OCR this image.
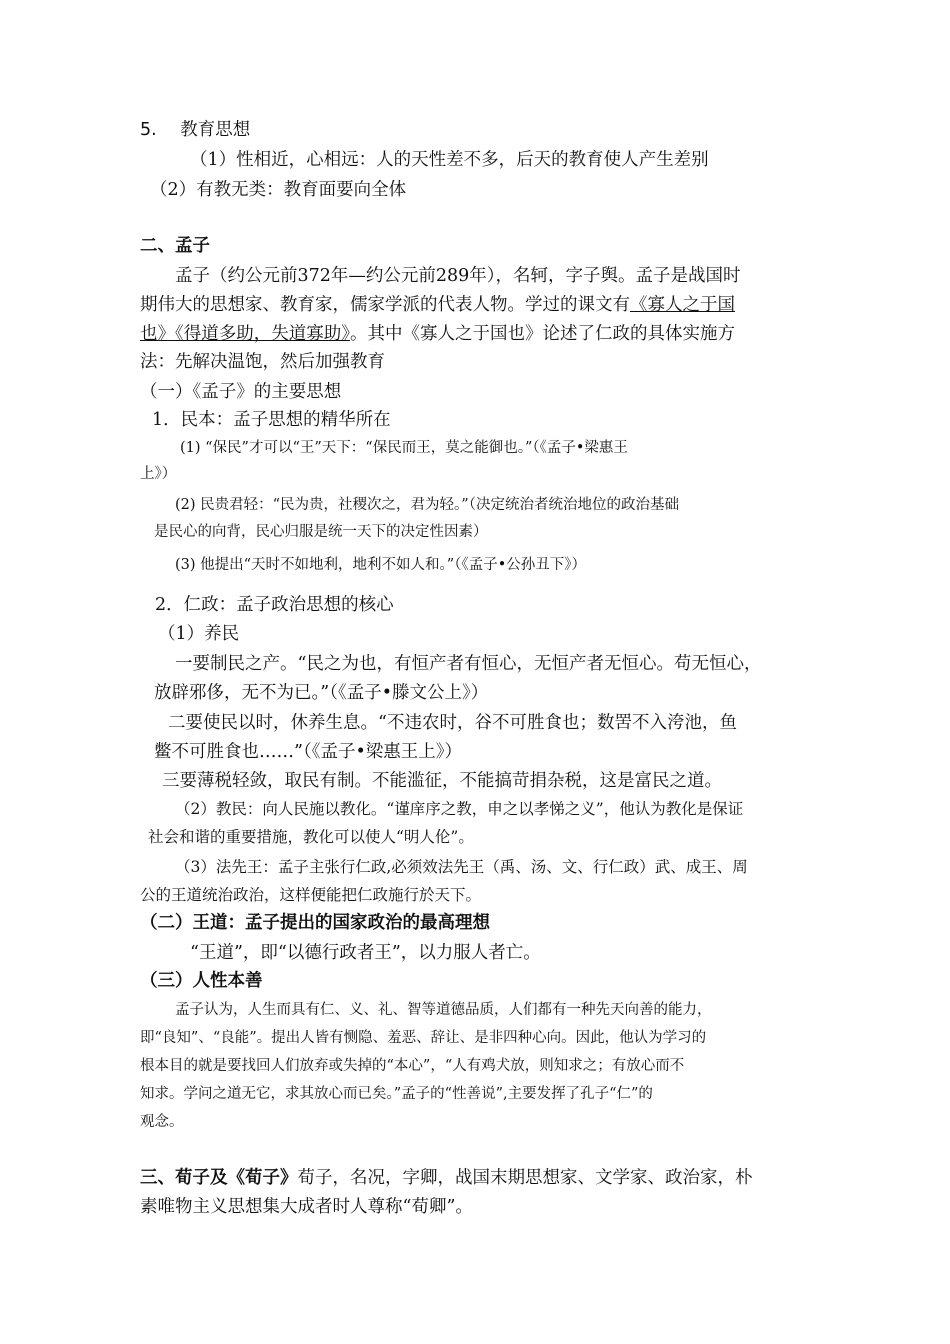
5. 教育思想
（1）性相近，心相远：人的天性差不多，后天的教育使人产生差别
（2）有教无类：教育面要向全体
二、孟子
孟子（约公元前372年—约公元前289年），名轲，字子舆。孟子是战国时
期伟大的思想家、教育家，儒家学派的代表人物。学过的课文有《寡人之于国
也》《得道多助，失道寡助》。其中《寡人之于国也》论述了仁政的具体实施方
法：先解决温饱，然后加强教育
（一）《孟子》的主要思想
1．民本：孟子思想的精华所在
(1) “保民”才可以“王”天下：“保民而王，莫之能御也。”（《孟子•梁惠王
上》）
(2) 民贵君轻：“民为贵，社稷次之，君为轻。”（决定统治者统治地位的政治基础
是民心的向背，民心归服是统一天下的决定性因素）
(3) 他提出“天时不如地利，地利不如人和。”（《孟子•公孙丑下》）
2．仁政：孟子政治思想的核心
（1）养民
一要制民之产。“民之为也，有恒产者有恒心，无恒产者无恒心。苟无恒心，
放辟邪侈，无不为已。”（《孟子•滕文公上》）
二要使民以时，休养生息。“不违农时，谷不可胜食也；数罟不入洿池，鱼
鳖不可胜食也……”（《孟子•梁惠王上》）
三要薄税轻敛，取民有制。不能滥征，不能搞苛捐杂税，这是富民之道。
（2）教民：向人民施以教化。“谨庠序之教，申之以孝悌之义”，他认为教化是保证
社会和谐的重要措施，教化可以使人“明人伦”。
（3）法先王：孟子主张行仁政,必须效法先王（禹、汤、文、行仁政）武、成王、周
公的王道统治政治，这样便能把仁政施行於天下。
（二）王道：孟子提出的国家政治的最高理想
“王道”，即“以德行政者王”，以力服人者亡。
（三）人性本善
孟子认为，人生而具有仁、义、礼、智等道德品质，人们都有一种先天向善的能力，
即“良知”、“良能”。提出人皆有恻隐、羞恶、辞让、是非四种心向。因此，他认为学习的
根本目的就是要找回人们放弃或失掉的“本心”，“人有鸡犬放，则知求之；有放心而不
知求。学问之道无它，求其放心而已矣。”孟子的“性善说”,主要发挥了孔子“仁”的
观念。
三、荀子及《荀子》荀子，名况，字卿，战国末期思想家、文学家、政治家，朴
素唯物主义思想集大成者时人尊称“荀卿”。
